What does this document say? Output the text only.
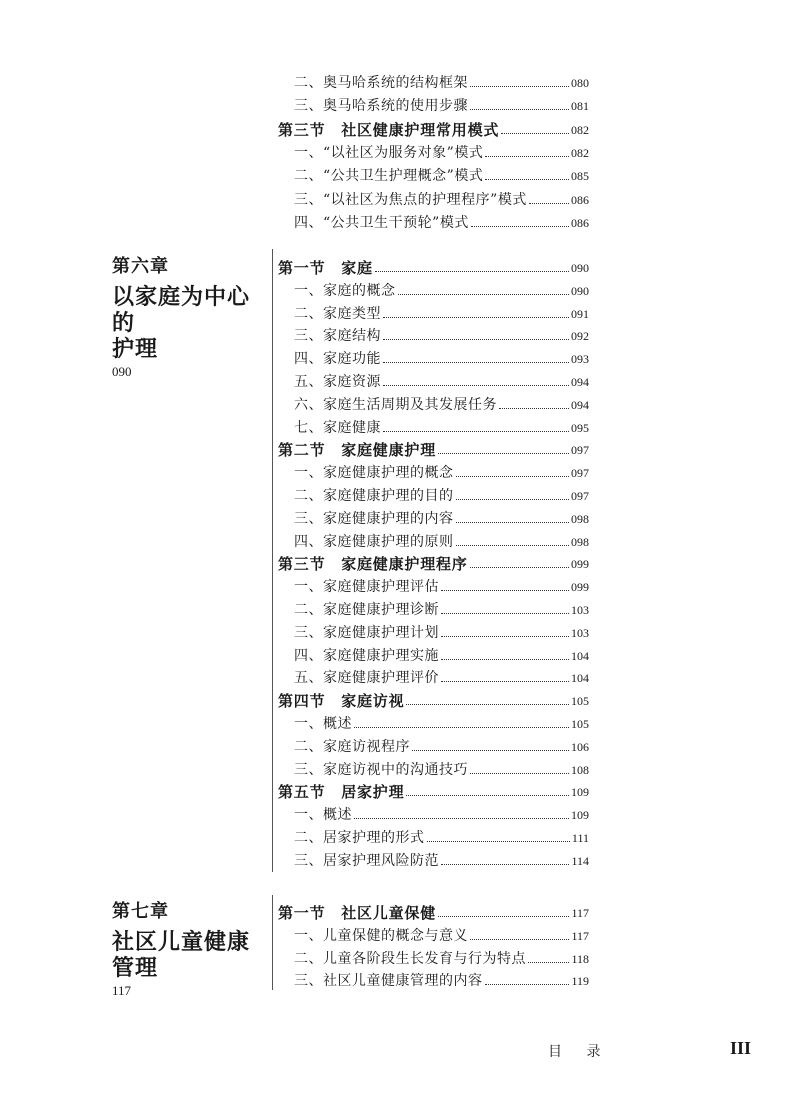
二、奥马哈系统的结构框架	080
三、奥马哈系统的使用步骤	081
第三节　社区健康护理常用模式	082
一、“以社区为服务对象”模式	082
二、“公共卫生护理概念”模式	085
三、“以社区为焦点的护理程序”模式	086
四、“公共卫生干预轮”模式	086
第六章
以家庭为中心的
护理
090
第一节　家庭	090
一、家庭的概念	090
二、家庭类型	091
三、家庭结构	092
四、家庭功能	093
五、家庭资源	094
六、家庭生活周期及其发展任务	094
七、家庭健康	095
第二节　家庭健康护理	097
一、家庭健康护理的概念	097
二、家庭健康护理的目的	097
三、家庭健康护理的内容	098
四、家庭健康护理的原则	098
第三节　家庭健康护理程序	099
一、家庭健康护理评估	099
二、家庭健康护理诊断	103
三、家庭健康护理计划	103
四、家庭健康护理实施	104
五、家庭健康护理评价	104
第四节　家庭访视	105
一、概述	105
二、家庭访视程序	106
三、家庭访视中的沟通技巧	108
第五节　居家护理	109
一、概述	109
二、居家护理的形式	111
三、居家护理风险防范	114
第七章
社区儿童健康
管理
117
第一节　社区儿童保健	117
一、儿童保健的概念与意义	117
二、儿童各阶段生长发育与行为特点	118
三、社区儿童健康管理的内容	119
目 录	III
